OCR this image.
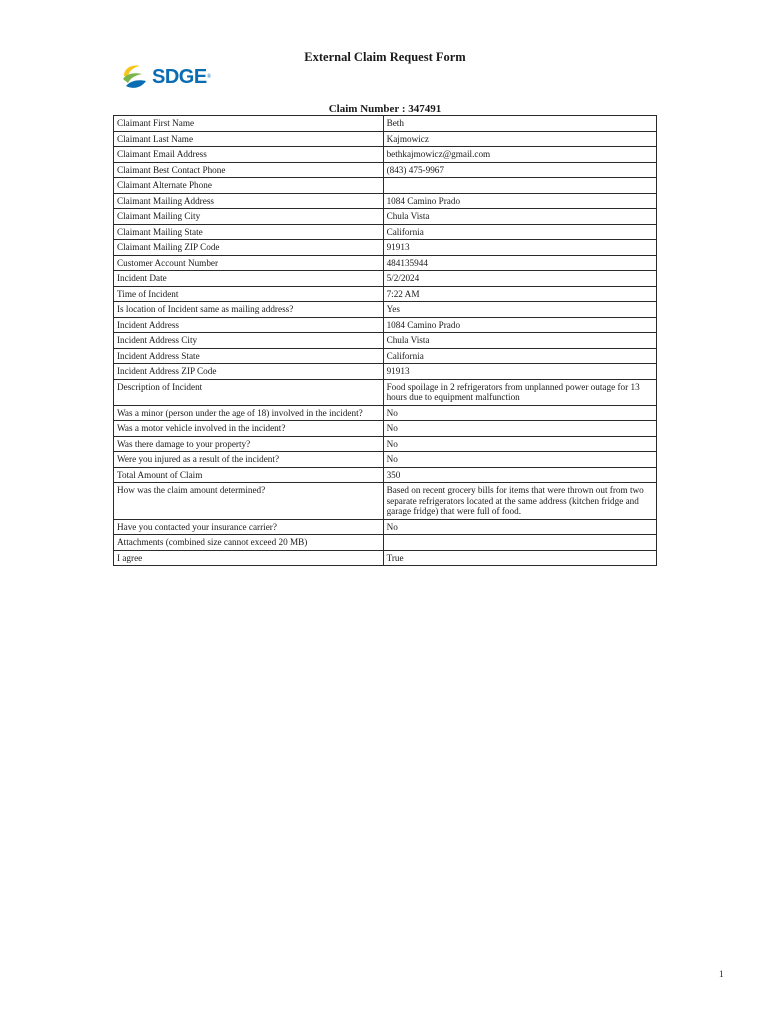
External Claim Request Form
SDGE ®
Claim Number : 347491
Claimant First Name	Beth
Claimant Last Name	Kajmowicz
Claimant Email Address	bethkajmowicz@gmail.com
Claimant Best Contact Phone	(843) 475-9967
Claimant Alternate Phone	
Claimant Mailing Address	1084 Camino Prado
Claimant Mailing City	Chula Vista
Claimant Mailing State	California
Claimant Mailing ZIP Code	91913
Customer Account Number	484135944
Incident Date	5/2/2024
Time of Incident	7:22 AM
Is location of Incident same as mailing address?	Yes
Incident Address	1084 Camino Prado
Incident Address City	Chula Vista
Incident Address State	California
Incident Address ZIP Code	91913
Description of Incident	Food spoilage in 2 refrigerators from unplanned power outage for 13 hours due to equipment malfunction
Was a minor (person under the age of 18) involved in the incident?	No
Was a motor vehicle involved in the incident?	No
Was there damage to your property?	No
Were you injured as a result of the incident?	No
Total Amount of Claim	350
How was the claim amount determined?	Based on recent grocery bills for items that were thrown out from two separate refrigerators located at the same address (kitchen fridge and garage fridge) that were full of food.
Have you contacted your insurance carrier?	No
Attachments (combined size cannot exceed 20 MB)	
I agree	True
1
